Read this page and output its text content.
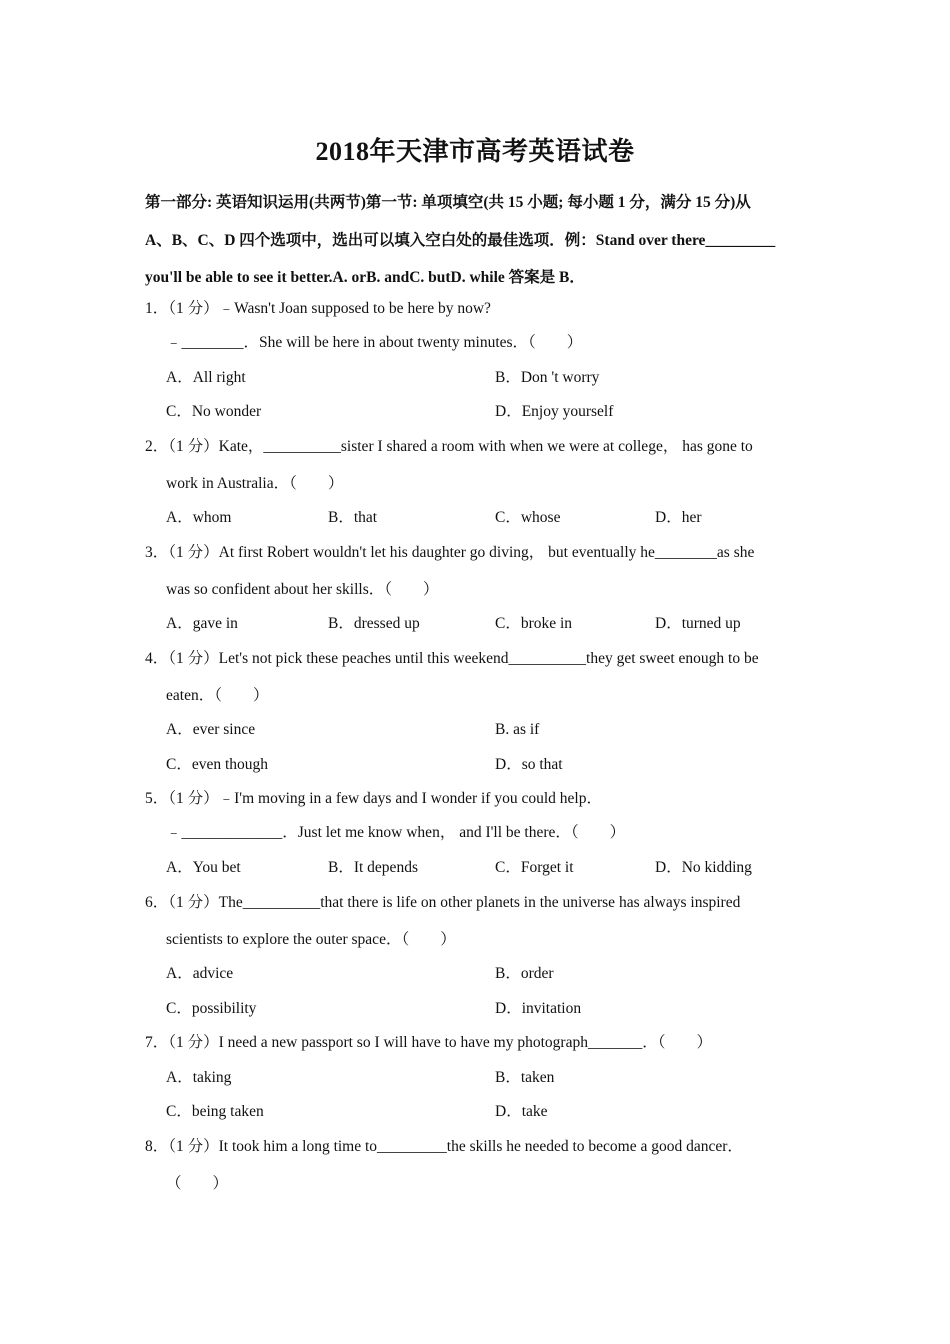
2018年天津市高考英语试卷
第一部分: 英语知识运用(共两节)第一节: 单项填空(共 15 小题; 每小题 1 分，满分 15 分)从
A、B、C、D 四个选项中，选出可以填入空白处的最佳选项．例：Stand over there_________
you'll be able to see it better.A. orB. andC. butD. while 答案是 B．
1．（1 分）﹣Wasn't Joan supposed to be here by now?
﹣________．She will be here in about twenty minutes．（　　）
A．All right	B．Don 't worry
C．No wonder	D．Enjoy yourself
2．（1 分）Kate，__________sister I shared a room with when we were at college， has gone to
work in Australia．（　　）
A．whom	B．that	C．whose	D．her
3．（1 分）At first Robert wouldn't let his daughter go diving， but eventually he________as she
was so confident about her skills．（　　）
A．gave in	B．dressed up	C．broke in	D．turned up
4．（1 分）Let's not pick these peaches until this weekend__________they get sweet enough to be
eaten．（　　）
A．ever since	B. as if
C．even though	D．so that
5．（1 分）﹣I'm moving in a few days and I wonder if you could help．
﹣_____________．Just let me know when， and I'll be there．（　　）
A．You bet	B．It depends	C．Forget it	D．No kidding
6．（1 分）The__________that there is life on other planets in the universe has always inspired
scientists to explore the outer space．（　　）
A．advice	B．order
C．possibility	D．invitation
7．（1 分）I need a new passport so I will have to have my photograph_______．（　　）
A．taking	B．taken
C．being taken	D．take
8．（1 分）It took him a long time to_________the skills he needed to become a good dancer．
（　　）
